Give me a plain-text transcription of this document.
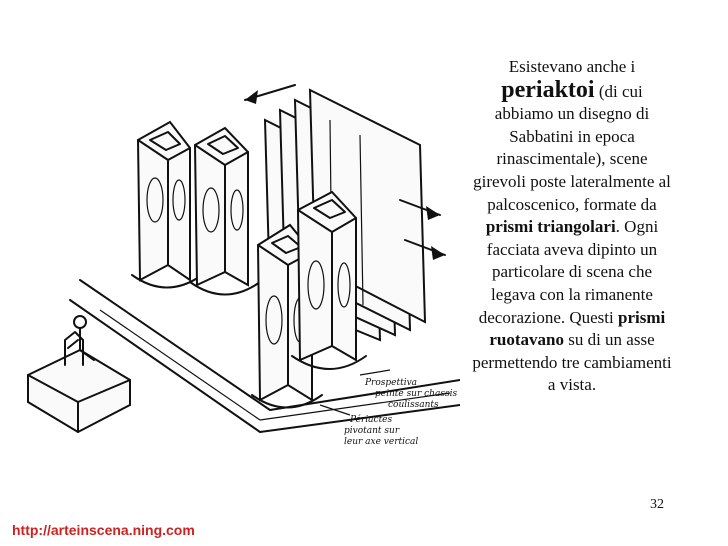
Prospettiva
peinte sur chassis
coulissants
Périactes
pivotant sur
leur axe vertical
Esistevano anche i periaktoi (di cui abbiamo un disegno di Sabbatini in epoca rinascimentale), scene girevoli poste lateralmente al palcoscenico, formate da prismi triangolari. Ogni facciata aveva dipinto un particolare di scena che legava con la rimanente decorazione. Questi prismi ruotavano su di un asse permettendo tre cambiamenti a vista.
32
http://arteinscena.ning.com
